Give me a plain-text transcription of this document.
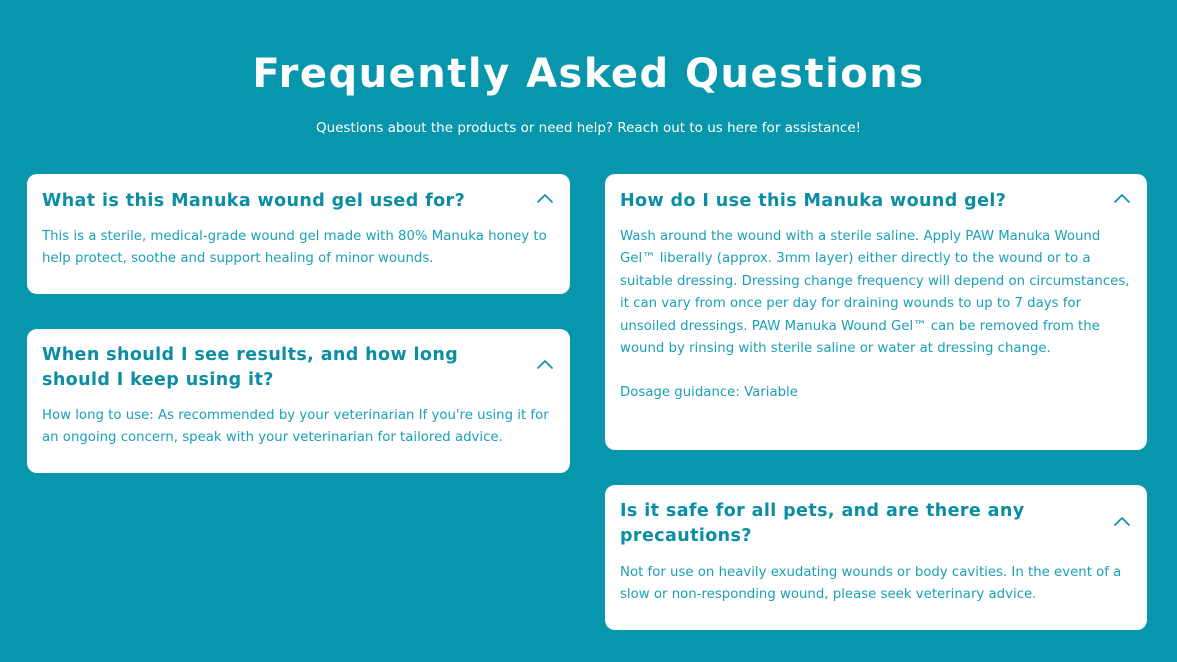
Frequently Asked Questions

Questions about the products or need help? Reach out to us here for assistance!

What is this Manuka wound gel used for?

This is a sterile, medical-grade wound gel made with 80% Manuka honey to help protect, soothe and support healing of minor wounds.

When should I see results, and how long should I keep using it?

How long to use: As recommended by your veterinarian If you're using it for an ongoing concern, speak with your veterinarian for tailored advice.

How do I use this Manuka wound gel?

Wash around the wound with a sterile saline. Apply PAW Manuka Wound Gel™ liberally (approx. 3mm layer) either directly to the wound or to a suitable dressing. Dressing change frequency will depend on circumstances, it can vary from once per day for draining wounds to up to 7 days for unsoiled dressings. PAW Manuka Wound Gel™ can be removed from the wound by rinsing with sterile saline or water at dressing change.

Dosage guidance: Variable

Is it safe for all pets, and are there any precautions?

Not for use on heavily exudating wounds or body cavities. In the event of a slow or non-responding wound, please seek veterinary advice.
